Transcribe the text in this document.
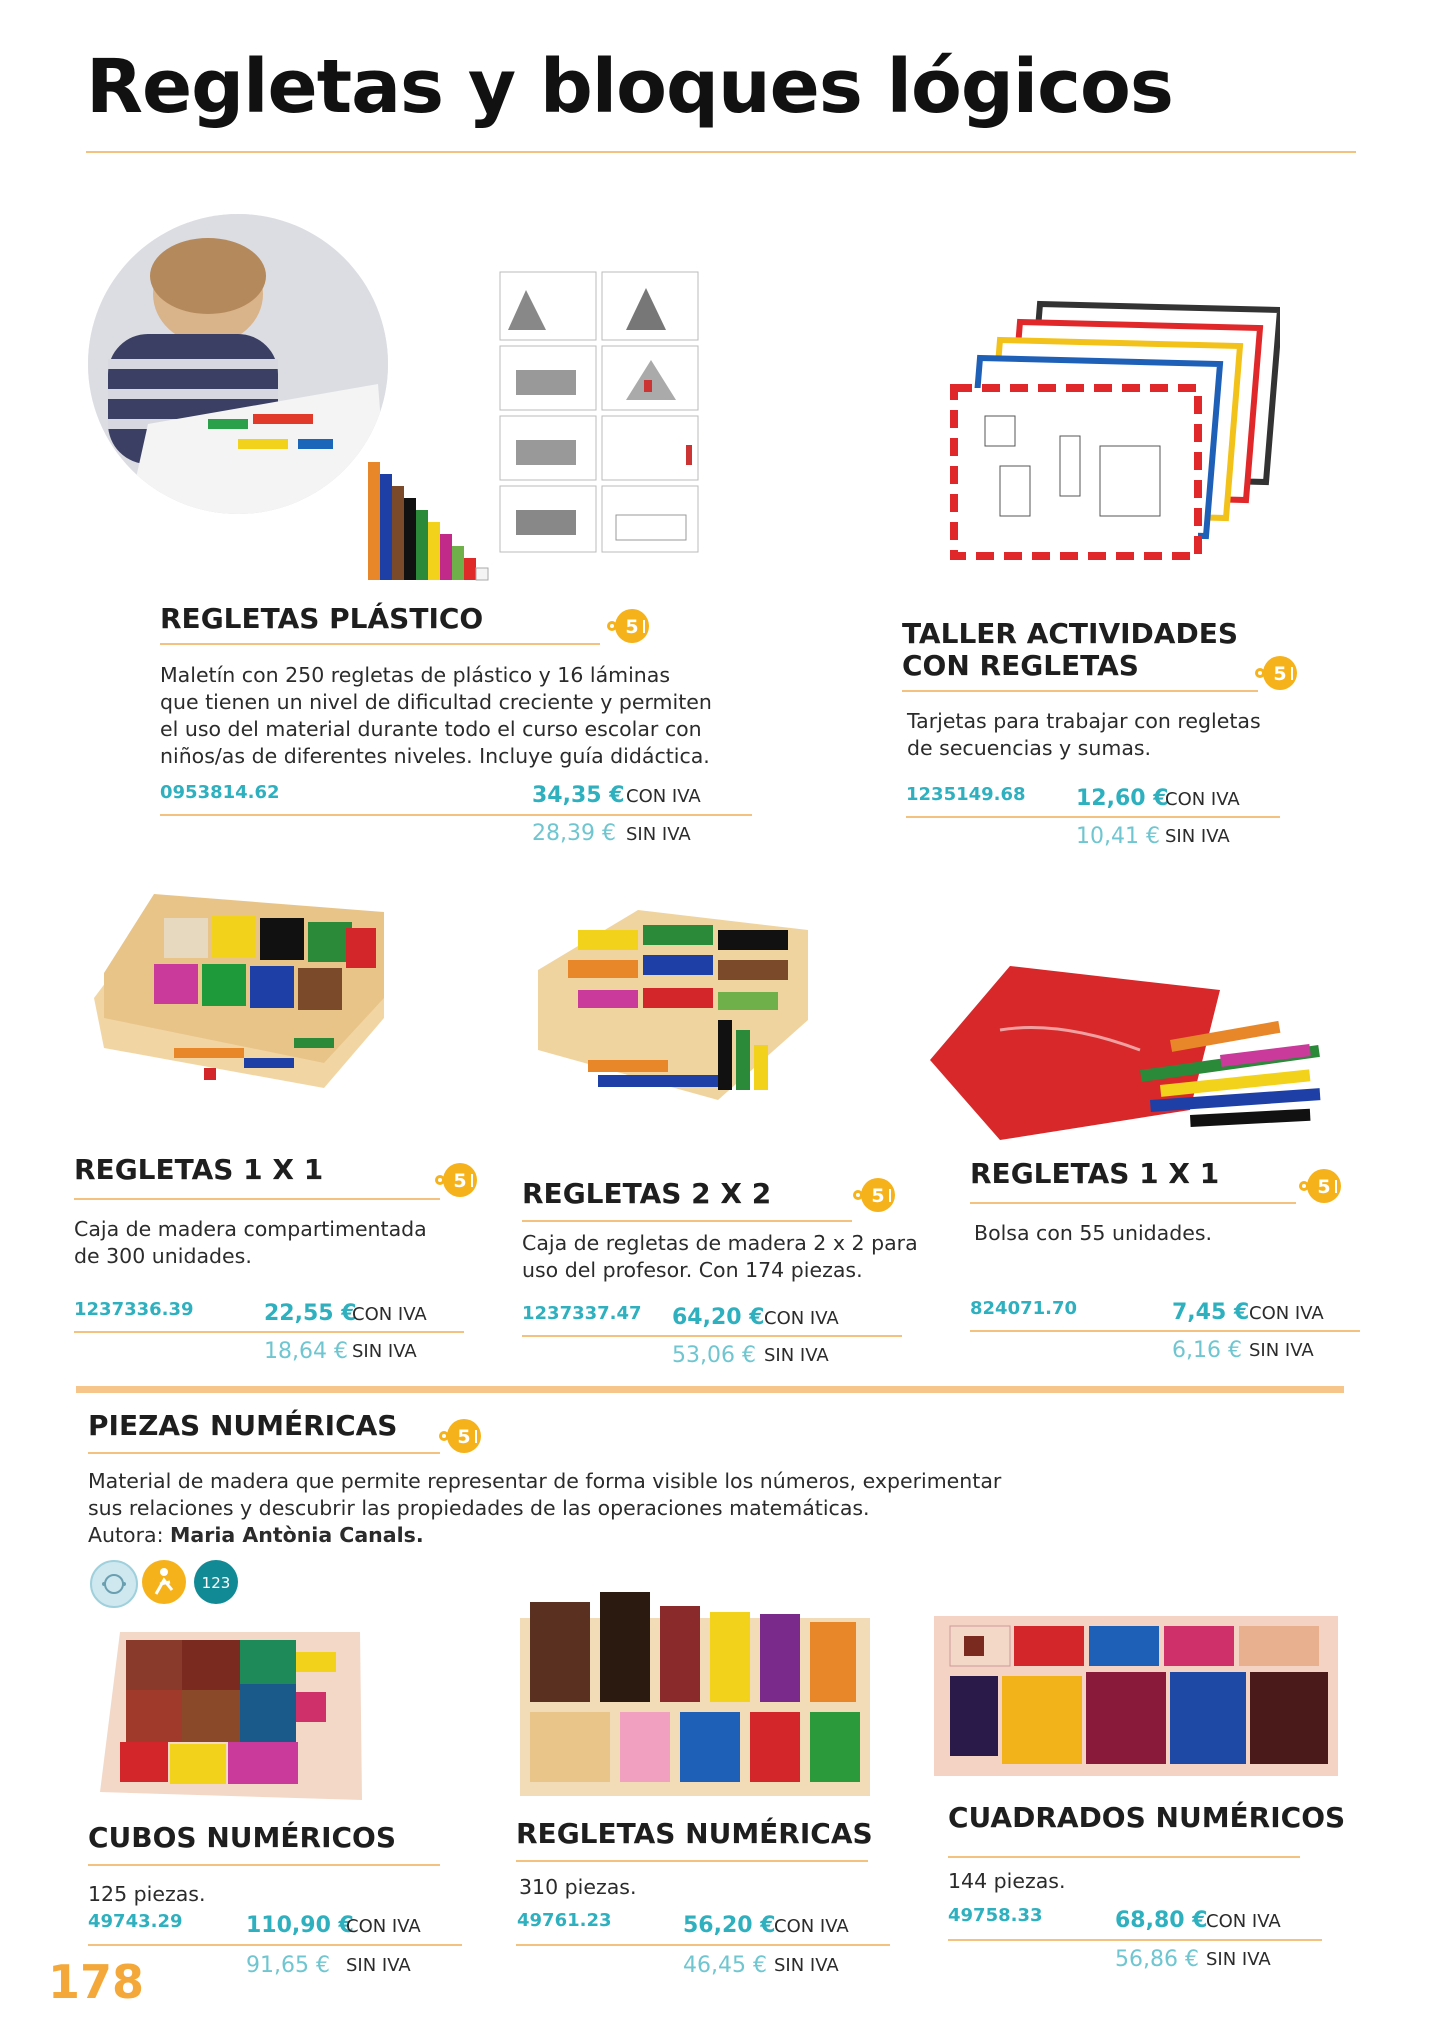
Regletas y bloques lógicos
REGLETAS PLÁSTICO	5
Maletín con 250 regletas de plástico y 16 láminas
que tienen un nivel de dificultad creciente y permiten
el uso del material durante todo el curso escolar con
niños/as de diferentes niveles. Incluye guía didáctica.
0953814.62	34,35 € CON IVA
28,39 € SIN IVA
TALLER ACTIVIDADES
CON REGLETAS	5
Tarjetas para trabajar con regletas
de secuencias y sumas.
1235149.68 12,60 €
CON IVA
10,41 € SIN IVA
REGLETAS 1 X 1	5
Caja de madera compartimentada
de 300 unidades.
1237336.39	22,55 €
CON IVA
18,64 € SIN IVA
REGLETAS 2 X 2	5
Caja de regletas de madera 2 x 2 para
uso del profesor. Con 174 piezas.
1237337.47 64,20 € CON IVA
53,06 € SIN IVA
REGLETAS 1 X 1	5
Bolsa con 55 unidades.
824071.70	7,45 € CON IVA
6,16 € SIN IVA
PIEZAS NUMÉRICAS	5
Material de madera que permite representar de forma visible los números, experimentar
sus relaciones y descubrir las propiedades de las operaciones matemáticas.
Autora: Maria Antònia Canals.
123
CUBOS NUMÉRICOS
125 piezas.
49743.29	110,90 €
CON IVA
91,65 € SIN IVA
REGLETAS NUMÉRICAS
310 piezas.
49761.23	56,20 €
CON IVA
46,45 € SIN IVA
CUADRADOS NUMÉRICOS
144 piezas.
49758.33	68,80 €
CON IVA
56,86 € SIN IVA
178
